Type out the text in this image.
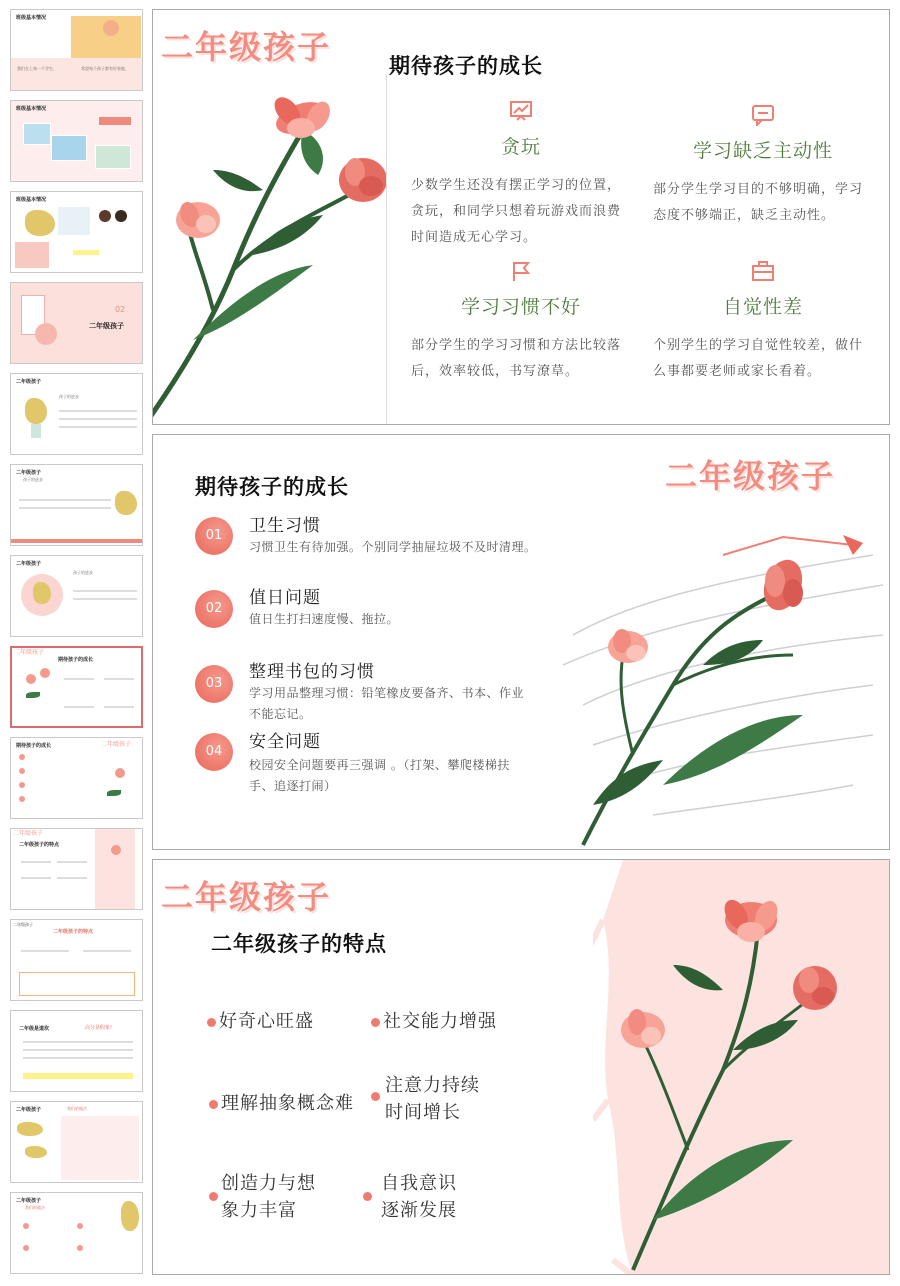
班级基本情况
我们在上每一个学生，	希望每个孩子都有好家庭，
班级基本情况
班级基本情况
02
二年级孩子
二年级孩子
孩子的进步
二年级孩子
孩子的进步
二年级孩子
孩子的进步
二年级孩子
期待孩子的成长
期待孩子的成长	二年级孩子
二年级孩子
二年级孩子的特点
二年级孩子
二年级孩子的特点
二年级是道坎	高分是假象!
二年级孩子	我们的做法
二年级孩子
我们的做法
二年级孩子	期待孩子的成长
贪玩
少数学生还没有摆正学习的位置，贪玩，和同学只想着玩游戏而浪费时间造成无心学习。
学习缺乏主动性
部分学生学习目的不够明确，学习态度不够端正，缺乏主动性。
学习习惯不好
部分学生的学习习惯和方法比较落后，效率较低，书写潦草。
自觉性差
个别学生的学习自觉性较差，做什么事都要老师或家长看着。
二年级孩子
期待孩子的成长
01	卫生习惯
习惯卫生有待加强。个别同学抽屉垃圾不及时清理。
02
值日问题
值日生打扫速度慢、拖拉。
03
整理书包的习惯
学习用品整理习惯：铅笔橡皮要备齐、书本、作业不能忘记。
04	安全问题
校园安全问题要再三强调 。（打架、攀爬楼梯扶手、追逐打闹）
二年级孩子
二年级孩子的特点
好奇心旺盛	社交能力增强
理解抽象概念难
注意力持续
时间增长
创造力与想
象力丰富
自我意识
逐渐发展
